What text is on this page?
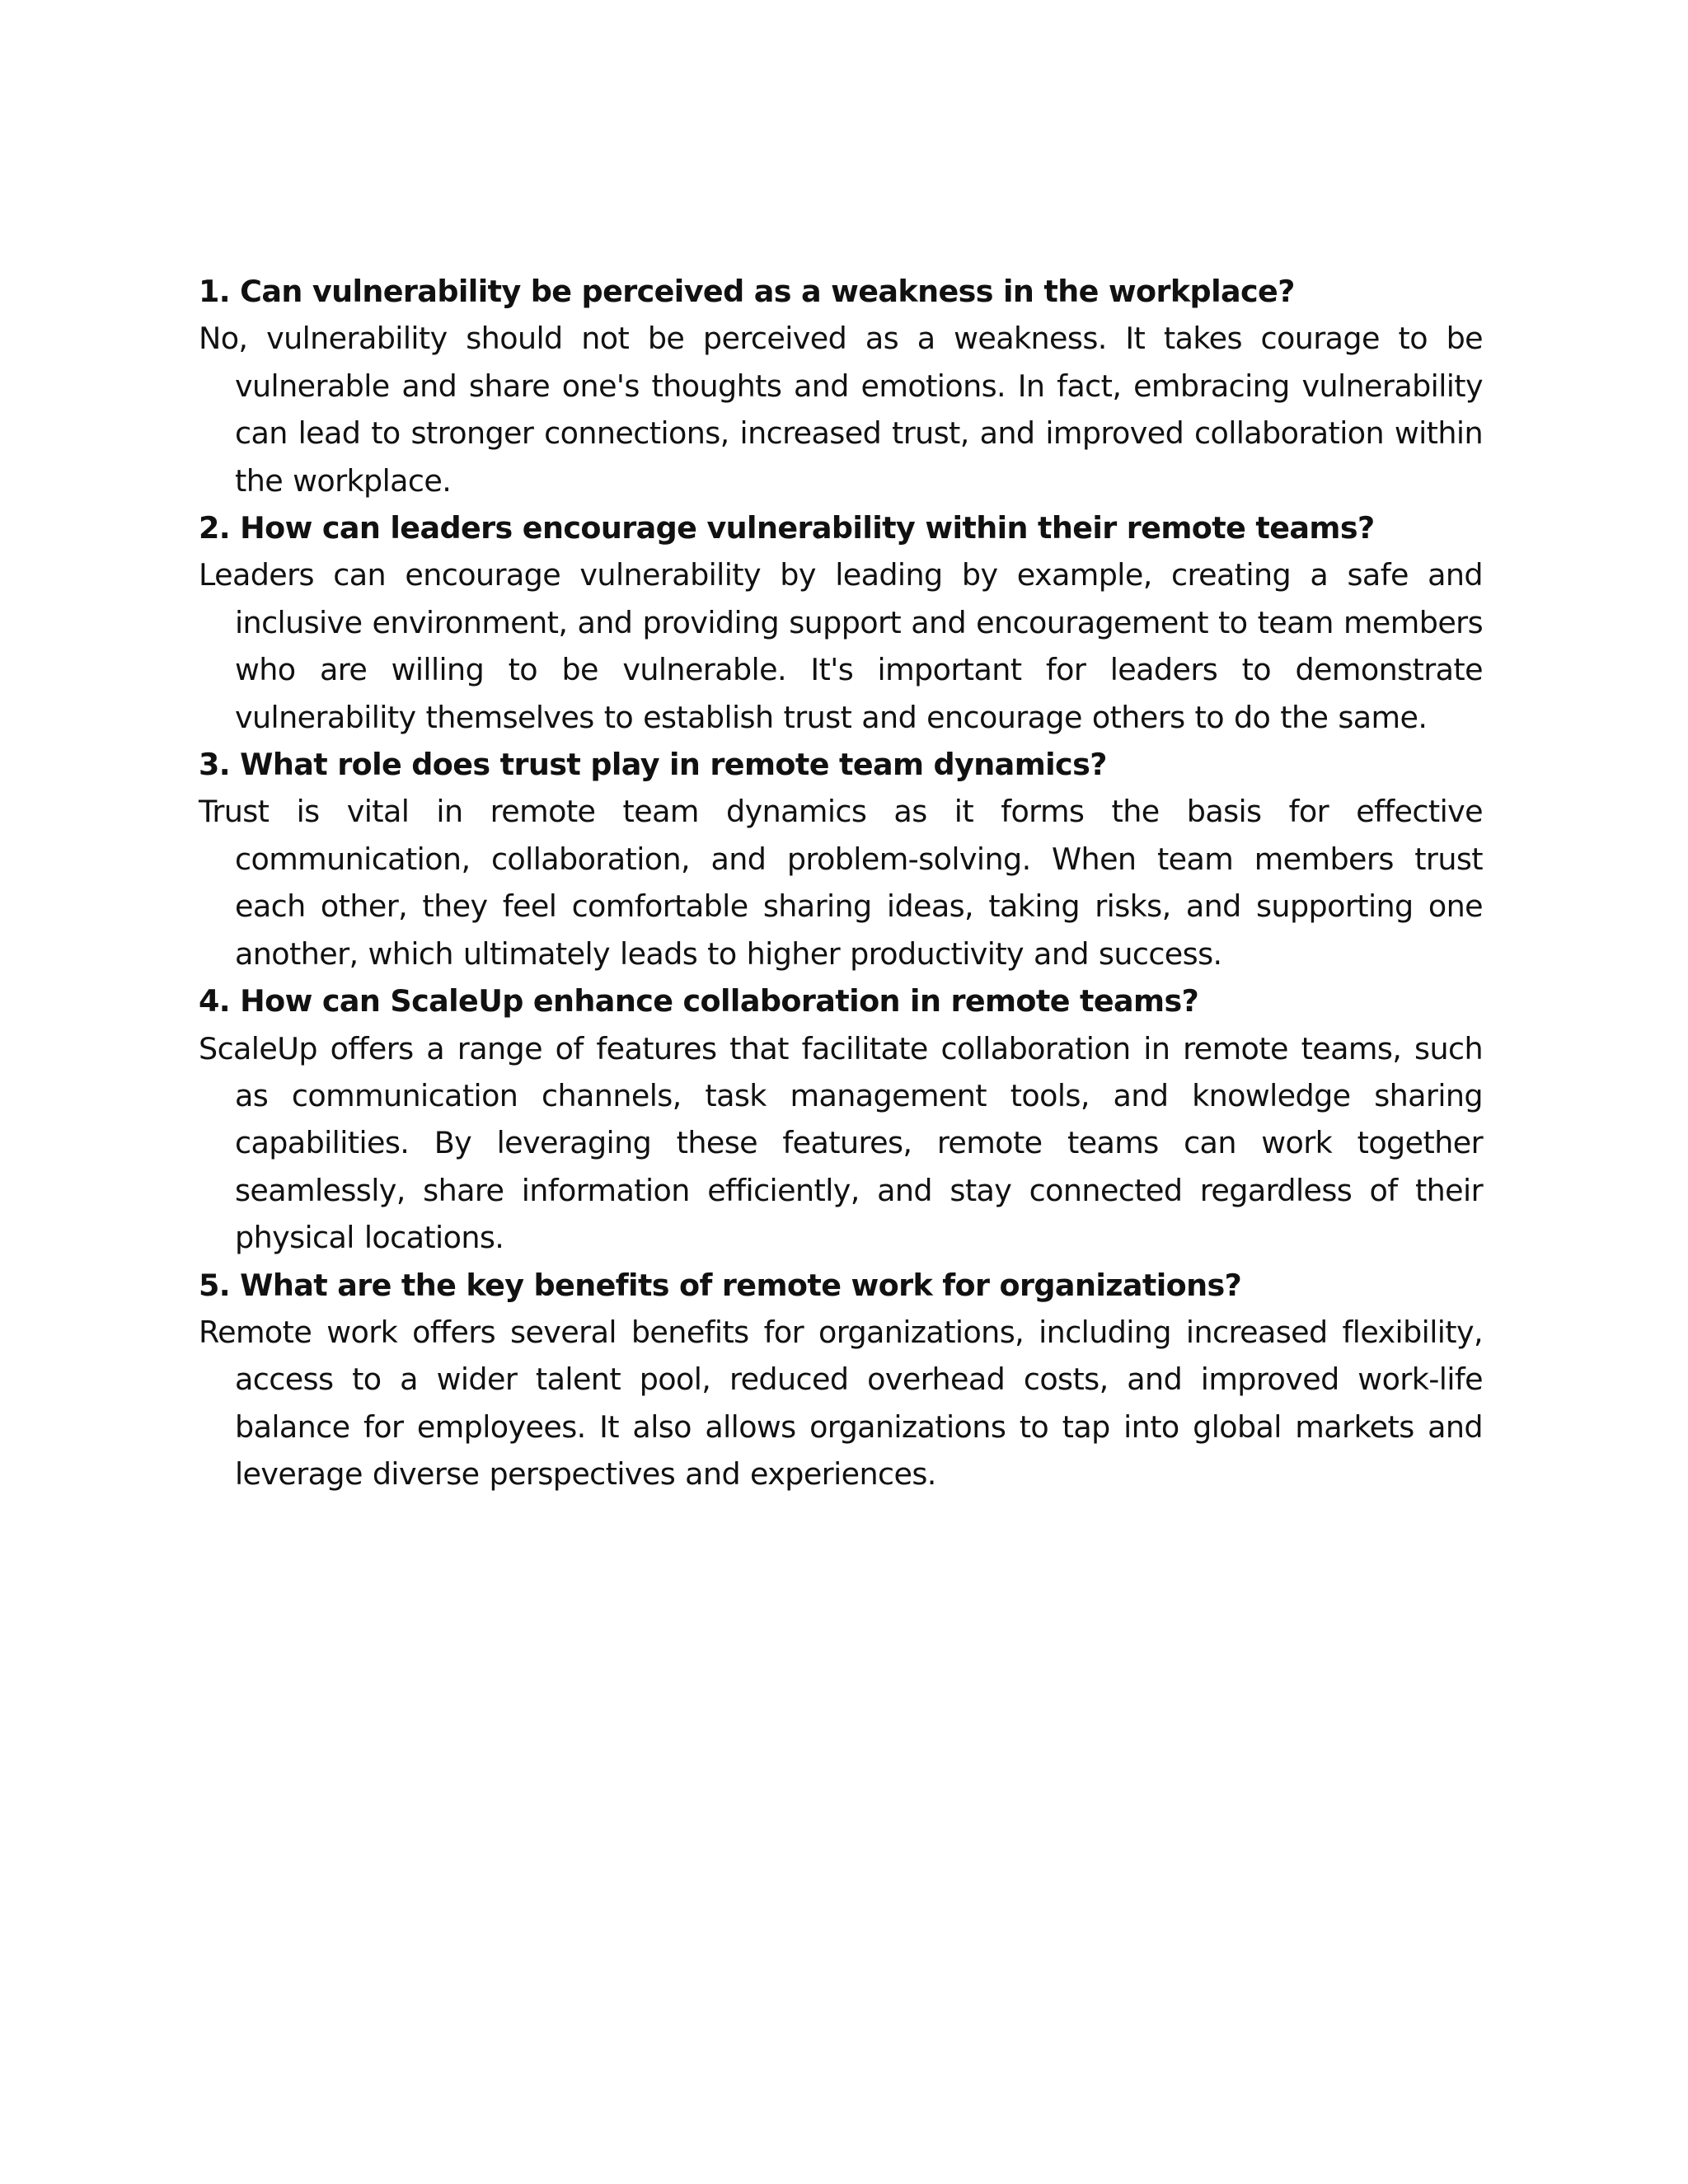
1. Can vulnerability be perceived as a weakness in the workplace?

No, vulnerability should not be perceived as a weakness. It takes courage to be vulnerable and share one's thoughts and emotions. In fact, embracing vulnerability can lead to stronger connections, increased trust, and improved collaboration within the workplace.

2. How can leaders encourage vulnerability within their remote teams?

Leaders can encourage vulnerability by leading by example, creating a safe and inclusive environment, and providing support and encouragement to team members who are willing to be vulnerable. It's important for leaders to demonstrate vulnerability themselves to establish trust and encourage others to do the same.

3. What role does trust play in remote team dynamics?

Trust is vital in remote team dynamics as it forms the basis for effective communication, collaboration, and problem-solving. When team members trust each other, they feel comfortable sharing ideas, taking risks, and supporting one another, which ultimately leads to higher productivity and success.

4. How can ScaleUp enhance collaboration in remote teams?

ScaleUp offers a range of features that facilitate collaboration in remote teams, such as communication channels, task management tools, and knowledge sharing capabilities. By leveraging these features, remote teams can work together seamlessly, share information efficiently, and stay connected regardless of their physical locations.

5. What are the key benefits of remote work for organizations?

Remote work offers several benefits for organizations, including increased flexibility, access to a wider talent pool, reduced overhead costs, and improved work-life balance for employees. It also allows organizations to tap into global markets and leverage diverse perspectives and experiences.
